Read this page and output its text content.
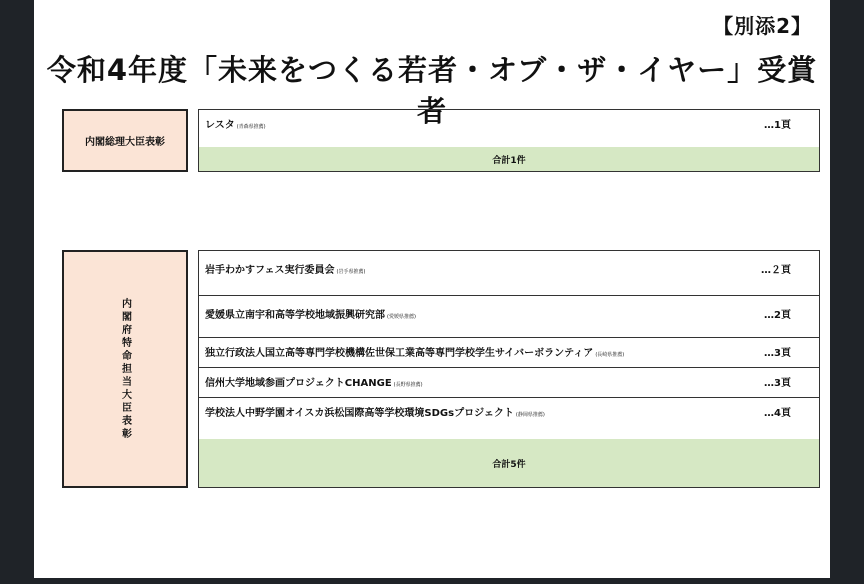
【別添2】
令和4年度「未来をつくる若者・オブ・ザ・イヤー」受賞者
内閣総理大臣表彰
レスタ (青森県推薦)	…1頁
合計1件
内閣府特命担当大臣表彰
岩手わかすフェス実行委員会 (岩手県推薦)	…２頁
愛媛県立南宇和高等学校地域振興研究部 (愛媛県推薦)	…2頁
独立行政法人国立高等専門学校機構佐世保工業高等専門学校学生サイバーボランティア (長崎県推薦)	…3頁
信州大学地域参画プロジェクトCHANGE (長野県推薦)	…3頁
学校法人中野学園オイスカ浜松国際高等学校環境SDGsプロジェクト (静岡県推薦)	…4頁
合計5件
